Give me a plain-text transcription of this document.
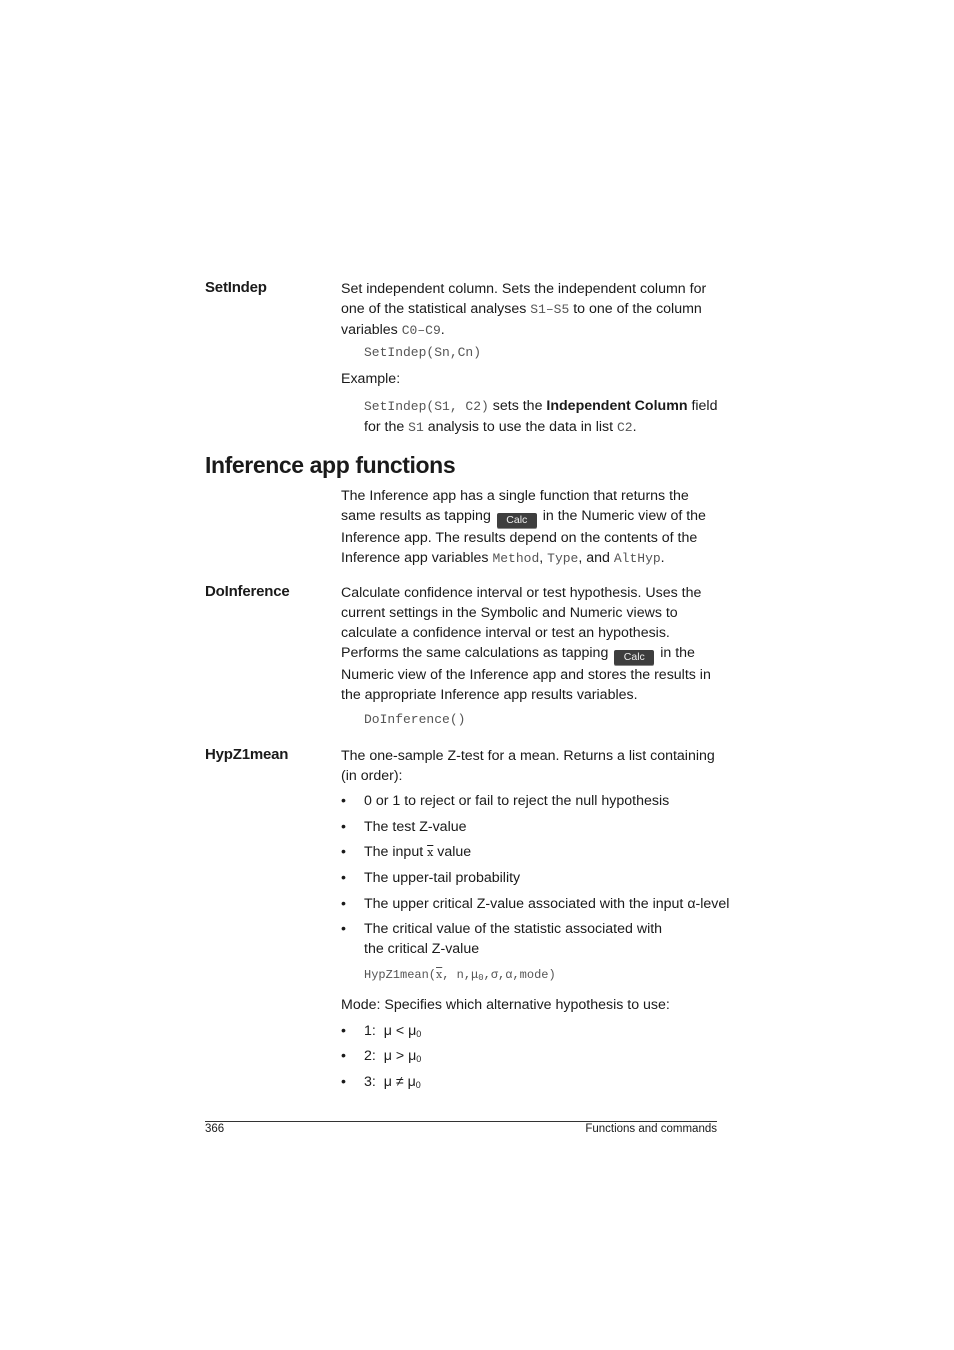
SetIndep	Set independent column. Sets the independent column for one of the statistical analyses S1–S5 to one of the column variables C0–C9.
SetIndep(Sn,Cn)
Example:
SetIndep(S1, C2) sets the Independent Column field for the S1 analysis to use the data in list C2.
Inference app functions
The Inference app has a single function that returns the same results as tapping Calc in the Numeric view of the Inference app. The results depend on the contents of the Inference app variables Method, Type, and AltHyp.
DoInference	Calculate confidence interval or test hypothesis. Uses the current settings in the Symbolic and Numeric views to calculate a confidence interval or test an hypothesis. Performs the same calculations as tapping Calc in the Numeric view of the Inference app and stores the results in the appropriate Inference app results variables.
DoInference()
HypZ1mean	The one-sample Z-test for a mean. Returns a list containing (in order):
• 0 or 1 to reject or fail to reject the null hypothesis
• The test Z-value
• The input $\overline{x}$ value
• The upper-tail probability
• The upper critical Z-value associated with the input α-level
• The critical value of the statistic associated with the critical Z-value
$HypZ1mean(\overline{x}$, $n,\mu_0,\sigma,\alpha,mode$)
Mode: Specifies which alternative hypothesis to use:
• 1: $\mu < \mu_0$
• 2: $\mu > \mu_0$
• 3: $\mu \ne \mu_0$
366	Functions and commands
